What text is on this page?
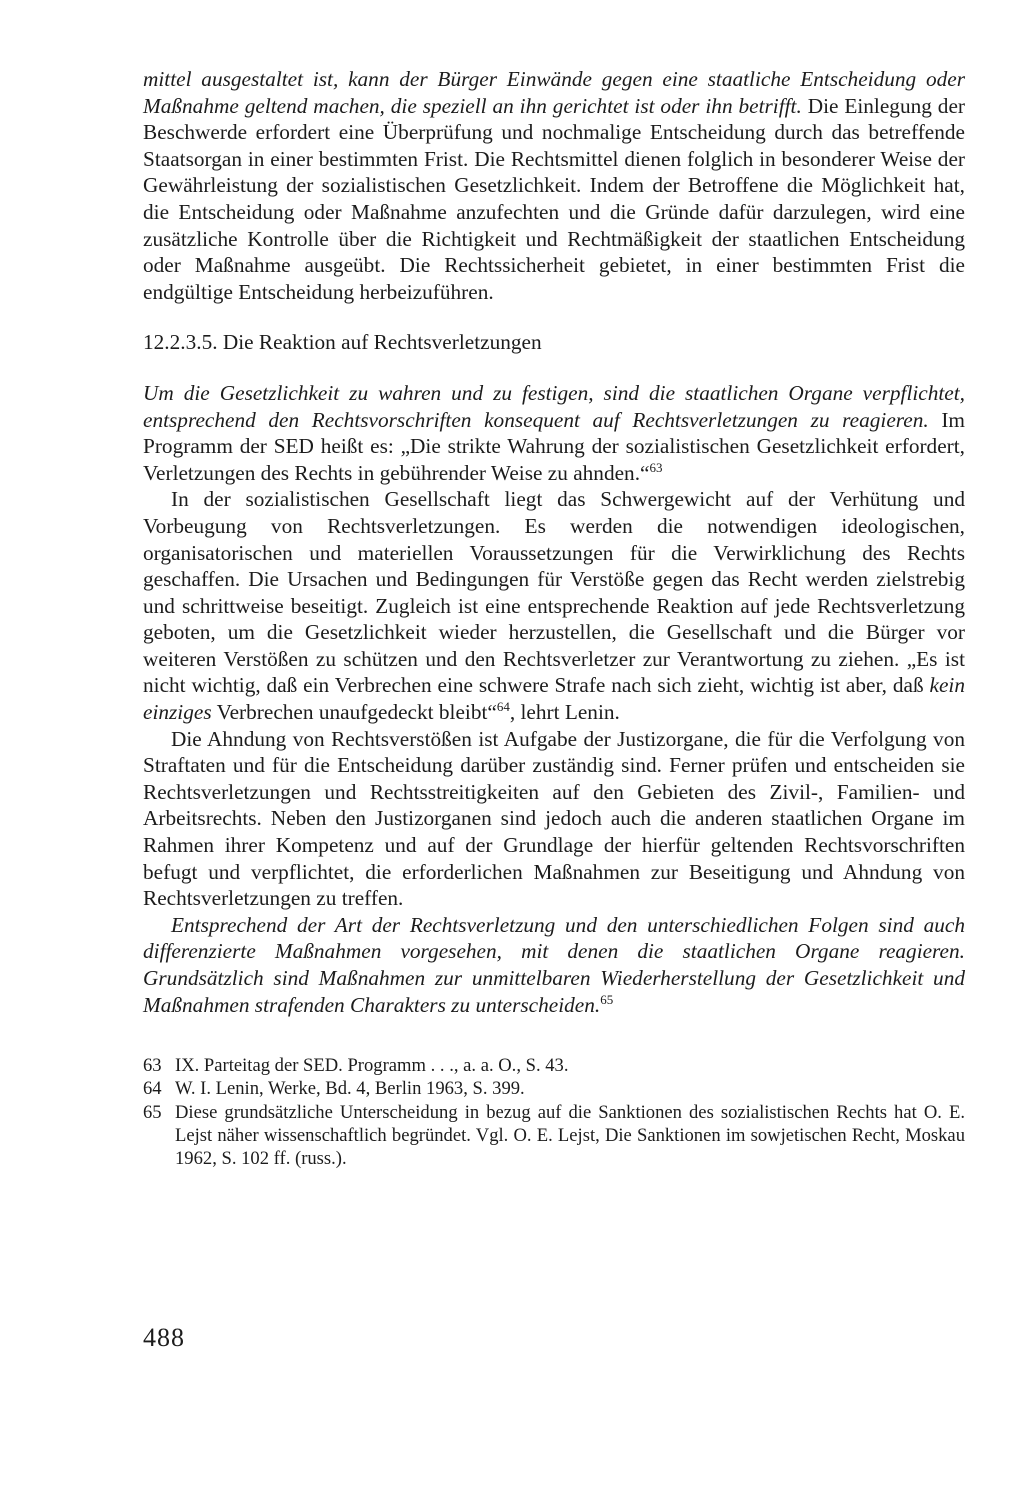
mittel ausgestaltet ist, kann der Bürger Einwände gegen eine staatliche Entscheidung oder Maßnahme geltend machen, die speziell an ihn gerichtet ist oder ihn betrifft. Die Einlegung der Beschwerde erfordert eine Überprüfung und nochmalige Entscheidung durch das betreffende Staatsorgan in einer bestimmten Frist. Die Rechtsmittel dienen folglich in besonderer Weise der Gewährleistung der sozialistischen Gesetzlichkeit. Indem der Betroffene die Möglichkeit hat, die Entscheidung oder Maßnahme anzufechten und die Gründe dafür darzulegen, wird eine zusätzliche Kontrolle über die Richtigkeit und Rechtmäßigkeit der staatlichen Entscheidung oder Maßnahme ausgeübt. Die Rechtssicherheit gebietet, in einer bestimmten Frist die endgültige Entscheidung herbeizuführen.

12.2.3.5. Die Reaktion auf Rechtsverletzungen

Um die Gesetzlichkeit zu wahren und zu festigen, sind die staatlichen Organe verpflichtet, entsprechend den Rechtsvorschriften konsequent auf Rechtsverletzungen zu reagieren. Im Programm der SED heißt es: „Die strikte Wahrung der sozialistischen Gesetzlichkeit erfordert, Verletzungen des Rechts in gebührender Weise zu ahnden.“$^{63}$

In der sozialistischen Gesellschaft liegt das Schwergewicht auf der Verhütung und Vorbeugung von Rechtsverletzungen. Es werden die notwendigen ideologischen, organisatorischen und materiellen Voraussetzungen für die Verwirklichung des Rechts geschaffen. Die Ursachen und Bedingungen für Verstöße gegen das Recht werden zielstrebig und schrittweise beseitigt. Zugleich ist eine entsprechende Reaktion auf jede Rechtsverletzung geboten, um die Gesetzlichkeit wieder herzustellen, die Gesellschaft und die Bürger vor weiteren Verstößen zu schützen und den Rechtsverletzer zur Verantwortung zu ziehen. „Es ist nicht wichtig, daß ein Verbrechen eine schwere Strafe nach sich zieht, wichtig ist aber, daß kein einziges Verbrechen unaufgedeckt bleibt“$^{64}$, lehrt Lenin.

Die Ahndung von Rechtsverstößen ist Aufgabe der Justizorgane, die für die Verfolgung von Straftaten und für die Entscheidung darüber zuständig sind. Ferner prüfen und entscheiden sie Rechtsverletzungen und Rechtsstreitigkeiten auf den Gebieten des Zivil-, Familien- und Arbeitsrechts. Neben den Justizorganen sind jedoch auch die anderen staatlichen Organe im Rahmen ihrer Kompetenz und auf der Grundlage der hierfür geltenden Rechtsvorschriften befugt und verpflichtet, die erforderlichen Maßnahmen zur Beseitigung und Ahndung von Rechtsverletzungen zu treffen.

Entsprechend der Art der Rechtsverletzung und den unterschiedlichen Folgen sind auch differenzierte Maßnahmen vorgesehen, mit denen die staatlichen Organe reagieren. Grundsätzlich sind Maßnahmen zur unmittelbaren Wiederherstellung der Gesetzlichkeit und Maßnahmen strafenden Charakters zu unterscheiden.$^{65}$

63 IX. Parteitag der SED. Programm . . ., a. a. O., S. 43.
64 W. I. Lenin, Werke, Bd. 4, Berlin 1963, S. 399.
65 Diese grundsätzliche Unterscheidung in bezug auf die Sanktionen des sozialistischen Rechts hat O. E. Lejst näher wissenschaftlich begründet. Vgl. O. E. Lejst, Die Sanktionen im sowjetischen Recht, Moskau 1962, S. 102 ff. (russ.).
488
